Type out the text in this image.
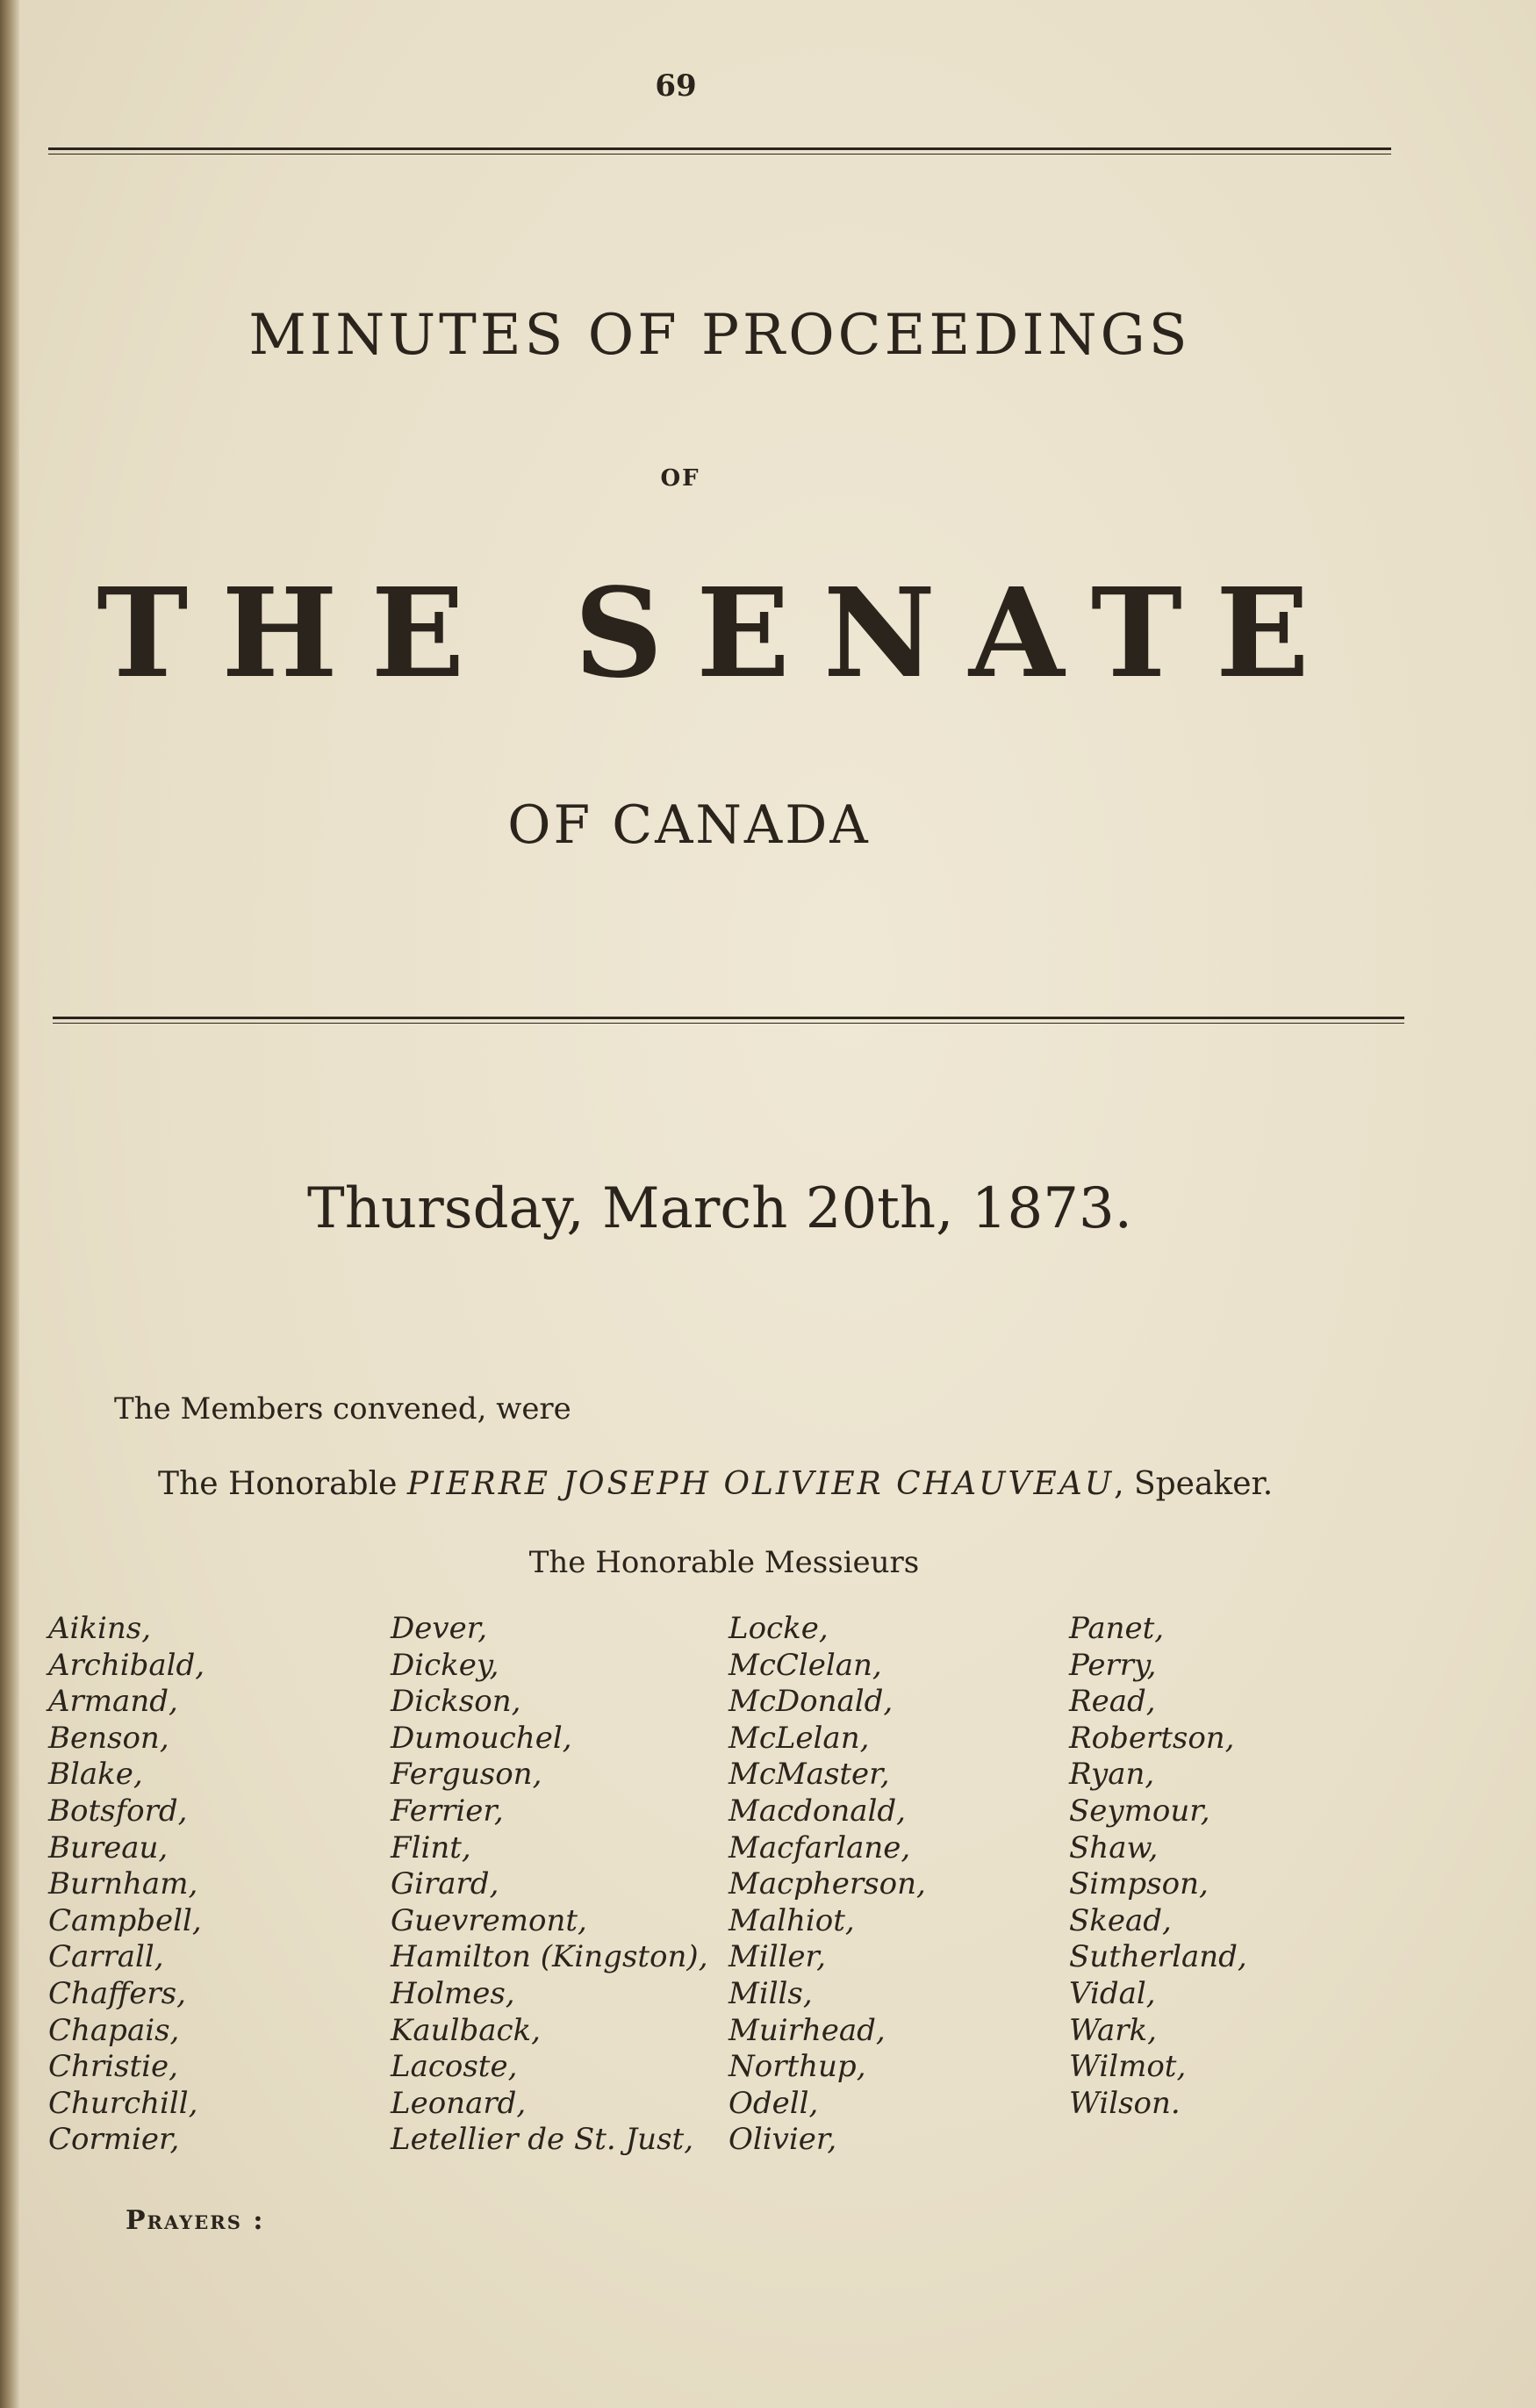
69
MINUTES OF PROCEEDINGS
OF
THE SENATE
OF CANADA
Thursday, March 20th, 1873.
The Members convened, were
The Honorable PIERRE JOSEPH OLIVIER CHAUVEAU, Speaker.
The Honorable Messieurs
Aikins,
Archibald,
Armand,
Benson,
Blake,
Botsford,
Bureau,
Burnham,
Campbell,
Carrall,
Chaffers,
Chapais,
Christie,
Churchill,
Cormier,
Dever,
Dickey,
Dickson,
Dumouchel,
Ferguson,
Ferrier,
Flint,
Girard,
Guevremont,
Hamilton (Kingston),
Holmes,
Kaulback,
Lacoste,
Leonard,
Letellier de St. Just,
Locke,
McClelan,
McDonald,
McLelan,
McMaster,
Macdonald,
Macfarlane,
Macpherson,
Malhiot,
Miller,
Mills,
Muirhead,
Northup,
Odell,
Olivier,
Panet,
Perry,
Read,
Robertson,
Ryan,
Seymour,
Shaw,
Simpson,
Skead,
Sutherland,
Vidal,
Wark,
Wilmot,
Wilson.
Prayers :
